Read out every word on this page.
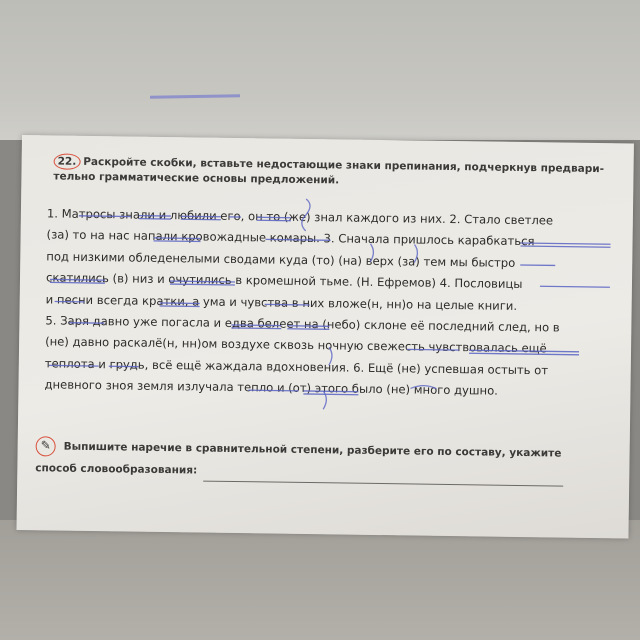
22. Раскройте скобки, вставьте недостающие знаки препинания, подчеркнув предвари-
тельно грамматические основы предложений.
1. Матросы знали и любили его, он то (же) знал каждого из них. 2. Стало светлее
(за) то на нас напали кровожадные комары. 3. Сначала пришлось карабкаться
под низкими обледенелыми сводами куда (то) (на) верх (за) тем мы быстро
скатились (в) низ и очутились в кромешной тьме. (Н. Ефремов) 4. Пословицы
и песни всегда кратки, а ума и чувства в них вложе(н, нн)о на целые книги.
5. Заря давно уже погасла и едва белеет на (небо) склоне её последний след, но в
(не) давно раскалё(н, нн)ом воздухе сквозь ночную свежесть чувствовалась ещё
теплота и грудь, всё ещё жаждала вдохновения. 6. Ещё (не) успевшая остыть от
дневного зноя земля излучала тепло и (от) этого было (не) много душно.
✎ Выпишите наречие в сравнительной степени, разберите его по составу, укажите
способ словообразования:
